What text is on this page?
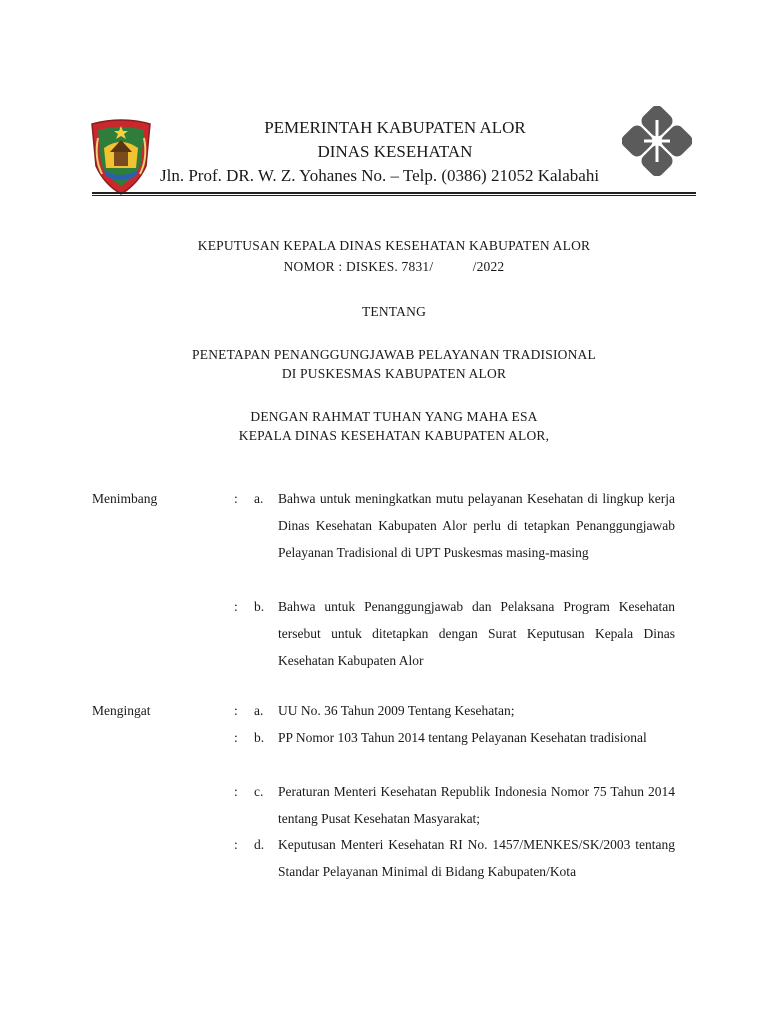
PEMERINTAH KABUPATEN ALOR
DINAS KESEHATAN
Jln. Prof. DR. W. Z. Yohanes No. – Telp. (0386) 21052 Kalabahi
KEPUTUSAN KEPALA DINAS KESEHATAN KABUPATEN ALOR
NOMOR : DISKES. 7831/           /2022
TENTANG
PENETAPAN PENANGGUNGJAWAB PELAYANAN TRADISIONAL
DI PUSKESMAS KABUPATEN ALOR
DENGAN RAHMAT TUHAN YANG MAHA ESA
KEPALA DINAS KESEHATAN KABUPATEN ALOR,
Menimbang	: a. Bahwa untuk meningkatkan mutu pelayanan Kesehatan di lingkup kerja Dinas Kesehatan Kabupaten Alor perlu di tetapkan Penanggungjawab Pelayanan Tradisional di UPT Puskesmas masing-masing
: b. Bahwa untuk Penanggungjawab dan Pelaksana Program Kesehatan tersebut untuk ditetapkan dengan Surat Keputusan Kepala Dinas Kesehatan Kabupaten Alor
Mengingat	: a. UU No. 36 Tahun 2009 Tentang Kesehatan;
: b. PP Nomor 103 Tahun 2014 tentang Pelayanan Kesehatan tradisional
: c. Peraturan Menteri Kesehatan Republik Indonesia Nomor 75 Tahun 2014 tentang Pusat Kesehatan Masyarakat;
: d. Keputusan Menteri Kesehatan RI No. 1457/MENKES/SK/2003 tentang Standar Pelayanan Minimal di Bidang Kabupaten/Kota
